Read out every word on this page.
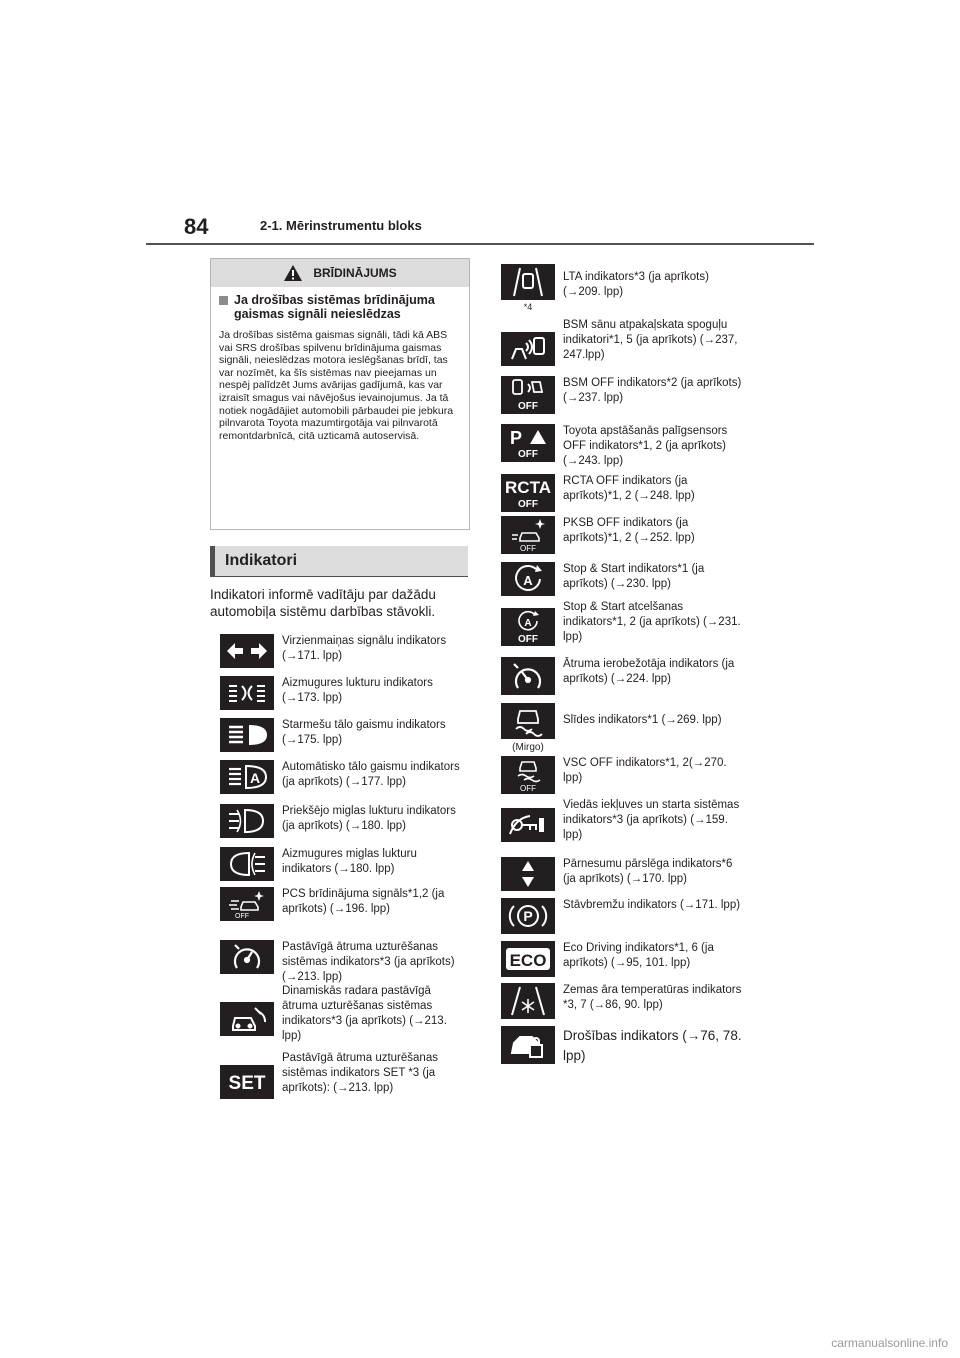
84	2-1. Mērinstrumentu bloks
BRĪDINĀJUMS
Ja drošības sistēmas brīdinājuma gaismas signāli neieslēdzas
Ja drošības sistēma gaismas signāli, tādi kā ABS vai SRS drošības spilvenu brīdinājuma gaismas signāli, neieslēdzas motora ieslēgšanas brīdī, tas var nozīmēt, ka šīs sistēmas nav pieejamas un nespēj palīdzēt Jums avārijas gadījumā, kas var izraisīt smagus vai nāvējošus ievainojumus. Ja tā notiek nogādājiet automobili pārbaudei pie jebkura pilnvarota Toyota mazumtirgotāja vai pilnvarotā remontdarbnīcā, citā uzticamā autoservisā.
Indikatori
Indikatori informē vadītāju par dažādu automobiļa sistēmu darbības stāvokli.
Virzienmaiņas signālu indikators (→171. lpp)
Aizmugures lukturu indikators (→173. lpp)
Starmešu tālo gaismu indikators (→175. lpp)
A
Automātisko tālo gaismu indikators (ja aprīkots) (→177. lpp)
Priekšējo miglas lukturu indikators (ja aprīkots) (→180. lpp)
Aizmugures miglas lukturu indikators (→180. lpp)
OFF
PCS brīdinājuma signāls*1,2 (ja aprīkots) (→196. lpp)
Pastāvīgā ātruma uzturēšanas sistēmas indikators*3 (ja aprīkots) (→213. lpp)
Dinamiskās radara pastāvīgā ātruma uzturēšanas sistēmas indikators*3 (ja aprīkots) (→213. lpp)
SET
Pastāvīgā ātruma uzturēšanas sistēmas indikators SET *3 (ja aprīkots): (→213. lpp)
*4
LTA indikators*3 (ja aprīkots) (→209. lpp)
BSM sānu atpakaļskata spoguļu indikatori*1, 5 (ja aprīkots) (→237, 247.lpp)
OFF
BSM OFF indikators*2 (ja aprīkots) (→237. lpp)
P
OFF
Toyota apstāšanās palīgsensors OFF indikators*1, 2 (ja aprīkots) (→243. lpp)
RCTA
OFF
RCTA OFF indikators (ja aprīkots)*1, 2 (→248. lpp)
OFF
PKSB OFF indikators (ja aprīkots)*1, 2 (→252. lpp)
A
Stop & Start indikators*1 (ja aprīkots) (→230. lpp)
A
OFF
Stop & Start atcelšanas indikators*1, 2 (ja aprīkots) (→231. lpp)
Ātruma ierobežotāja indikators (ja aprīkots) (→224. lpp)
(Mirgo)
Slīdes indikators*1 (→269. lpp)
OFF
VSC OFF indikators*1, 2(→270. lpp)
Viedās iekļuves un starta sistēmas indikators*3 (ja aprīkots) (→159. lpp)
Pārnesumu pārslēga indikators*6 (ja aprīkots) (→170. lpp)
P
Stāvbremžu indikators (→171. lpp)
ECO
Eco Driving indikators*1, 6 (ja aprīkots) (→95, 101. lpp)
Zemas āra temperatūras indikators *3, 7 (→86, 90. lpp)
Drošības indikators (→76, 78. lpp)
carmanualsonline.info
